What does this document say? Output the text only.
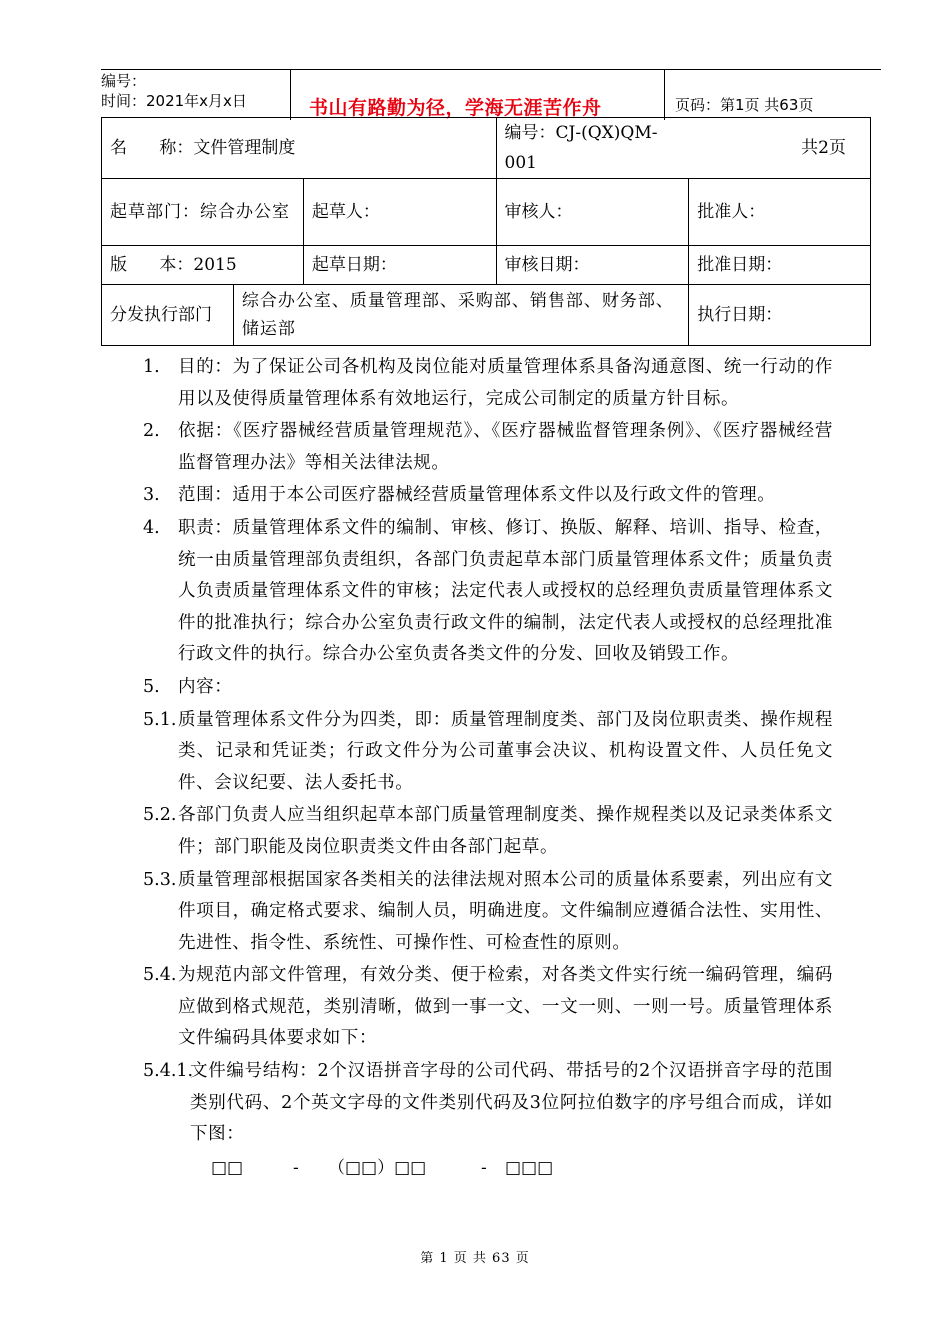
编号：
时间：2021年x月x日	书山有路勤为径，学海无涯苦作舟	页码：第1页 共63页
名      称：文件管理制度			编号：CJ-(QX)QM-001	共2页
起草部门：综合办公室		起草人：	审核人：	批准人：
版      本：2015		起草日期：	审核日期：	批准日期：
分发执行部门	综合办公室、质量管理部、采购部、销售部、财务部、储运部			执行日期：
1. 目的：为了保证公司各机构及岗位能对质量管理体系具备沟通意图、统一行动的作用以及使得质量管理体系有效地运行，完成公司制定的质量方针目标。
2. 依据：《医疗器械经营质量管理规范》、《医疗器械监督管理条例》、《医疗器械经营监督管理办法》等相关法律法规。
3. 范围：适用于本公司医疗器械经营质量管理体系文件以及行政文件的管理。
4. 职责：质量管理体系文件的编制、审核、修订、换版、解释、培训、指导、检查，统一由质量管理部负责组织，各部门负责起草本部门质量管理体系文件；质量负责人负责质量管理体系文件的审核；法定代表人或授权的总经理负责质量管理体系文件的批准执行；综合办公室负责行政文件的编制，法定代表人或授权的总经理批准行政文件的执行。综合办公室负责各类文件的分发、回收及销毁工作。
5. 内容：
5.1. 质量管理体系文件分为四类，即：质量管理制度类、部门及岗位职责类、操作规程类、记录和凭证类；行政文件分为公司董事会决议、机构设置文件、人员任免文件、会议纪要、法人委托书。
5.2. 各部门负责人应当组织起草本部门质量管理制度类、操作规程类以及记录类体系文件；部门职能及岗位职责类文件由各部门起草。
5.3. 质量管理部根据国家各类相关的法律法规对照本公司的质量体系要素，列出应有文件项目，确定格式要求、编制人员，明确进度。文件编制应遵循合法性、实用性、先进性、指令性、系统性、可操作性、可检查性的原则。
5.4. 为规范内部文件管理，有效分类、便于检索，对各类文件实行统一编码管理，编码应做到格式规范，类别清晰，做到一事一文、一文一则、一则一号。质量管理体系文件编码具体要求如下：
5.4.1.
文件编号结构：2个汉语拼音字母的公司代码、带括号的2个汉语拼音字母的范围类别代码、2个英文字母的文件类别代码及3位阿拉伯数字的序号组合而成，详如下图：
□□	- （□□）□□	- □□□
第 1 页 共 63 页
